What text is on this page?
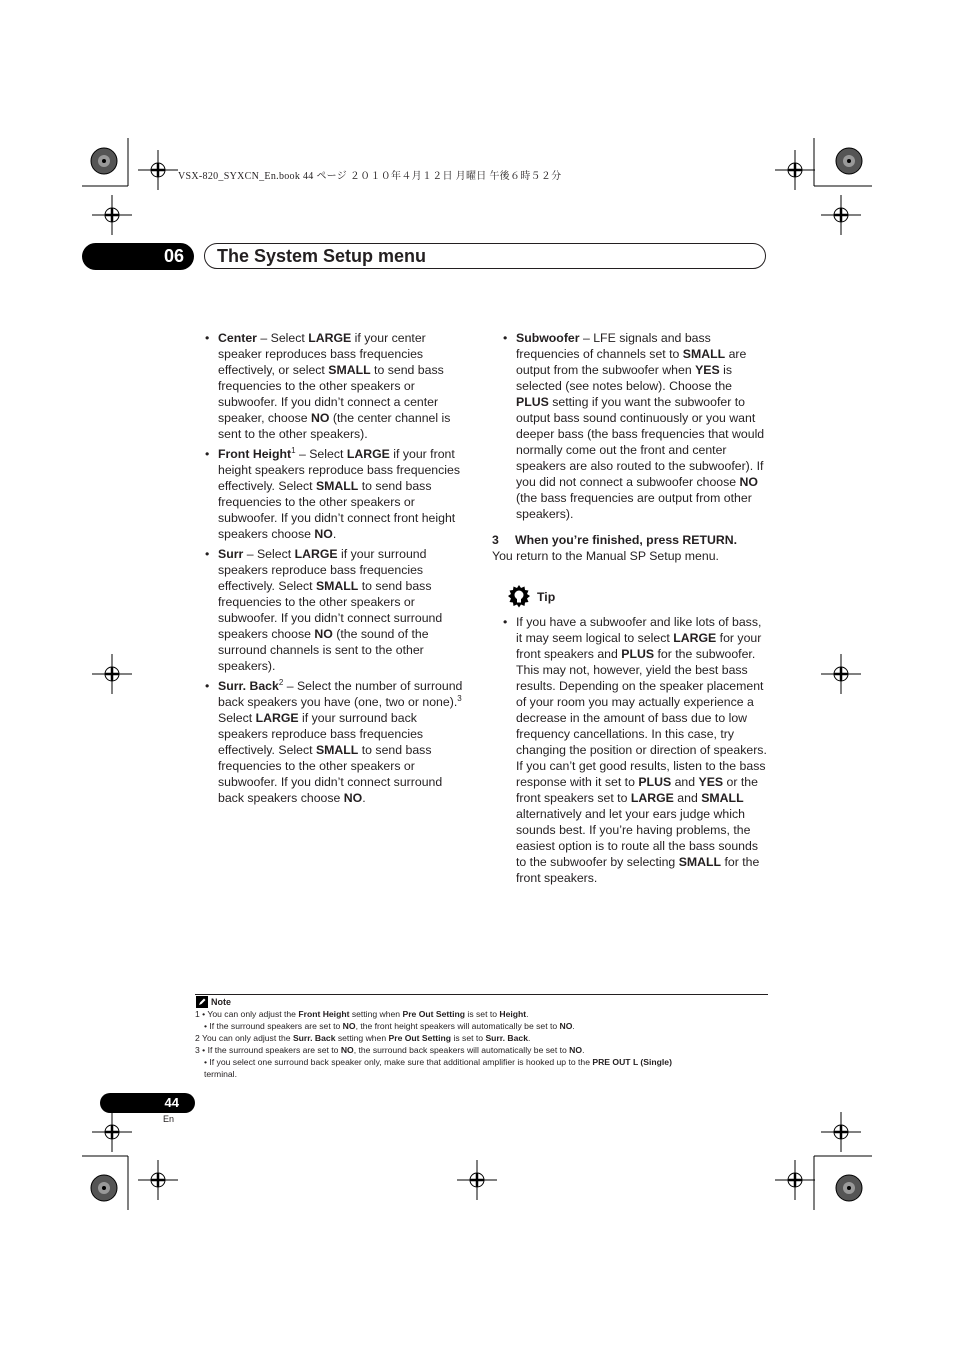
VSX-820_SYXCN_En.book 44 ページ ２０１０年４月１２日 月曜日 午後６時５２分
06	The System Setup menu
• Center – Select LARGE if your center speaker reproduces bass frequencies effectively, or select SMALL to send bass frequencies to the other speakers or subwoofer. If you didn’t connect a center speaker, choose NO (the center channel is sent to the other speakers).
• Front Height$^1$ – Select LARGE if your front height speakers reproduce bass frequencies effectively. Select SMALL to send bass frequencies to the other speakers or subwoofer. If you didn’t connect front height speakers choose NO.
• Surr – Select LARGE if your surround speakers reproduce bass frequencies effectively. Select SMALL to send bass frequencies to the other speakers or subwoofer. If you didn’t connect surround speakers choose NO (the sound of the surround channels is sent to the other speakers).
• Surr. Back$^2$ – Select the number of surround back speakers you have (one, two or none).$^3$ Select LARGE if your surround back speakers reproduce bass frequencies effectively. Select SMALL to send bass frequencies to the other speakers or subwoofer. If you didn’t connect surround back speakers choose NO.
• Subwoofer – LFE signals and bass frequencies of channels set to SMALL are output from the subwoofer when YES is selected (see notes below). Choose the PLUS setting if you want the subwoofer to output bass sound continuously or you want deeper bass (the bass frequencies that would normally come out the front and center speakers are also routed to the subwoofer). If you did not connect a subwoofer choose NO (the bass frequencies are output from other speakers).
3 When you’re finished, press RETURN.
You return to the Manual SP Setup menu.
Tip
• If you have a subwoofer and like lots of bass, it may seem logical to select LARGE for your front speakers and PLUS for the subwoofer. This may not, however, yield the best bass results. Depending on the speaker placement of your room you may actually experience a decrease in the amount of bass due to low frequency cancellations. In this case, try changing the position or direction of speakers. If you can’t get good results, listen to the bass response with it set to PLUS and YES or the front speakers set to LARGE and SMALL alternatively and let your ears judge which sounds best. If you’re having problems, the easiest option is to route all the bass sounds to the subwoofer by selecting SMALL for the front speakers.
Note
1 • You can only adjust the Front Height setting when Pre Out Setting is set to Height.
• If the surround speakers are set to NO, the front height speakers will automatically be set to NO.
2 You can only adjust the Surr. Back setting when Pre Out Setting is set to Surr. Back.
3 • If the surround speakers are set to NO, the surround back speakers will automatically be set to NO.
• If you select one surround back speaker only, make sure that additional amplifier is hooked up to the PRE OUT L (Single)
terminal.
44
En
